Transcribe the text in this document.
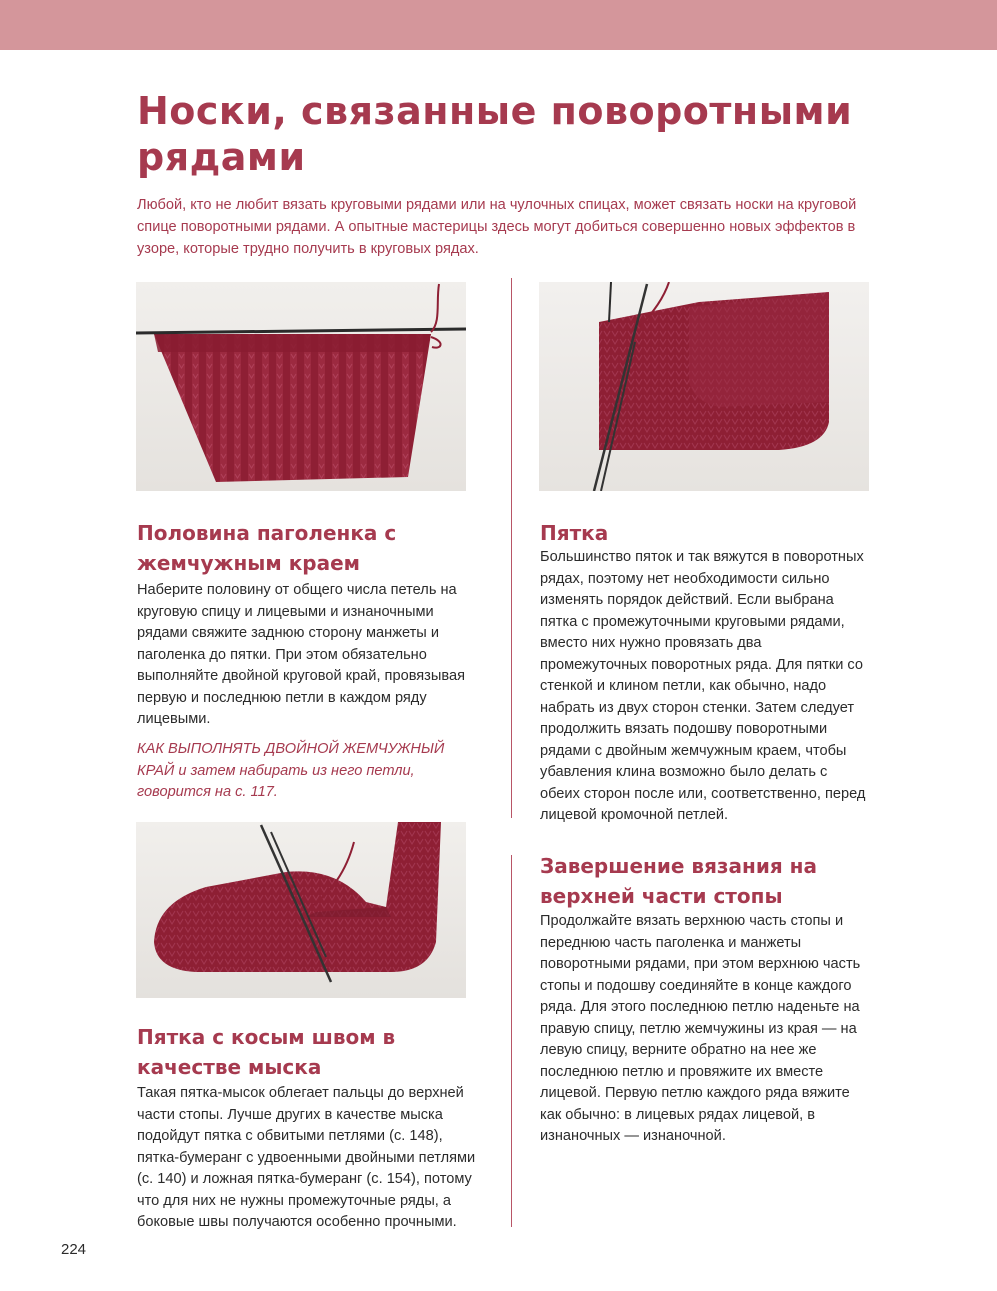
Носки, связанные поворотными рядами

Любой, кто не любит вязать круговыми рядами или на чулочных спицах, может связать носки на круговой спице поворотными рядами. А опытные мастерицы здесь могут добиться совершенно новых эффектов в узоре, которые трудно получить в круговых рядах.

Половина паголенка с жемчужным краем

Наберите половину от общего числа петель на круговую спицу и лицевыми и изнаночными рядами свяжите заднюю сторону манжеты и паголенка до пятки. При этом обязательно выполняйте двойной круговой край, провязывая первую и последнюю петли в каждом ряду лицевыми.

КАК ВЫПОЛНЯТЬ ДВОЙНОЙ ЖЕМЧУЖНЫЙ КРАЙ и затем набирать из него петли, говорится на с. 117.

Пятка с косым швом в качестве мыска

Такая пятка-мысок облегает пальцы до верхней части стопы. Лучше других в качестве мыска подойдут пятка с обвитыми петлями (с. 148), пятка-бумеранг с удвоенными двойными петлями (с. 140) и ложная пятка-бумеранг (с. 154), потому что для них не нужны промежуточные ряды, а боковые швы получаются особенно прочными.

Пятка

Большинство пяток и так вяжутся в поворотных рядах, поэтому нет необходимости сильно изменять порядок действий. Если выбрана пятка с промежуточными круговыми рядами, вместо них нужно провязать два промежуточных поворотных ряда. Для пятки со стенкой и клином петли, как обычно, надо набрать из двух сторон стенки. Затем следует продолжить вязать подошву поворотными рядами с двойным жемчужным краем, чтобы убавления клина возможно было делать с обеих сторон после или, соответственно, перед лицевой кромочной петлей.

Завершение вязания на верхней части стопы

Продолжайте вязать верхнюю часть стопы и переднюю часть паголенка и манжеты поворотными рядами, при этом верхнюю часть стопы и подошву соединяйте в конце каждого ряда. Для этого последнюю петлю наденьте на правую спицу, петлю жемчужины из края — на левую спицу, верните обратно на нее же последнюю петлю и провяжите их вместе лицевой. Первую петлю каждого ряда вяжите как обычно: в лицевых рядах лицевой, в изнаночных — изнаночной.

224
